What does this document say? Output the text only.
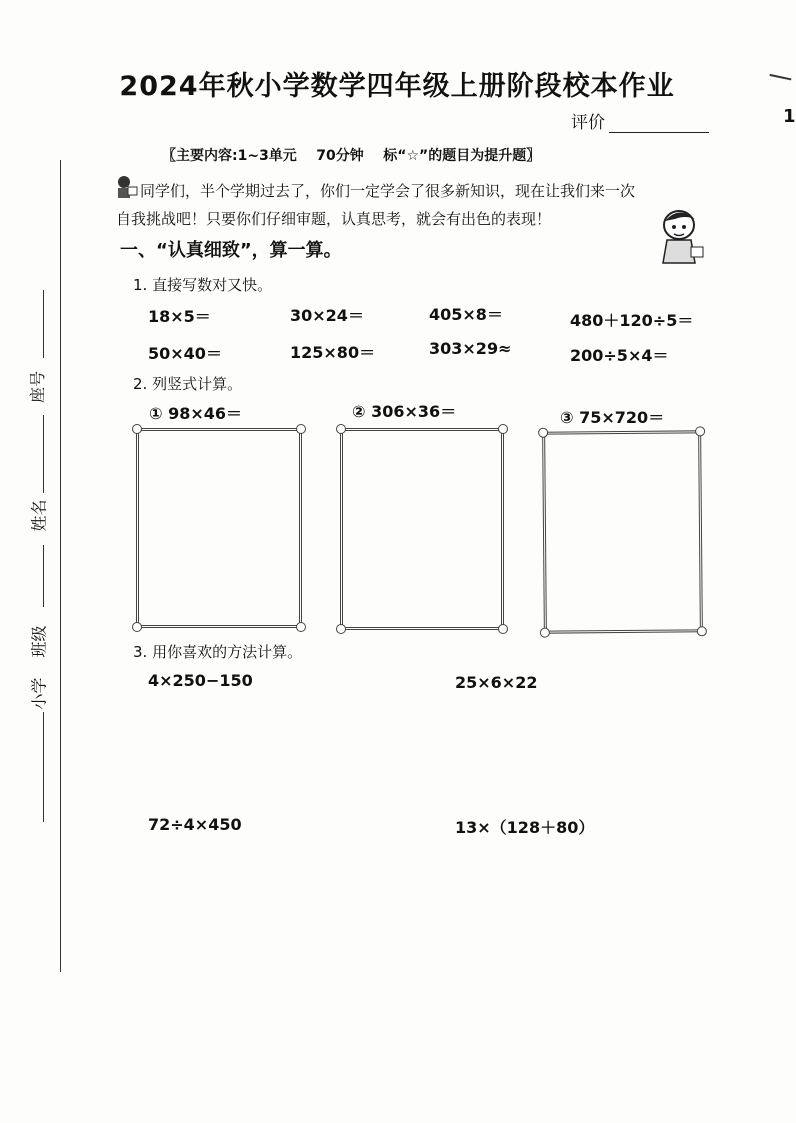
2024年秋小学数学四年级上册阶段校本作业
1
评价
〖主要内容:1~3单元    70分钟    标“☆”的题目为提升题〗
同学们，半个学期过去了，你们一定学会了很多新知识，现在让我们来一次
自我挑战吧！只要你们仔细审题，认真思考，就会有出色的表现！
一、“认真细致”，算一算。
1. 直接写数对又快。
18×5＝	30×24＝	405×8＝	480＋120÷5＝
50×40＝	125×80＝	303×29≈	200÷5×4＝
2. 列竖式计算。
① 98×46＝	② 306×36＝	③ 75×720＝
3. 用你喜欢的方法计算。
4×250−150	25×6×22
72÷4×450	13×（128＋80）
座号
姓名
班级
小学
